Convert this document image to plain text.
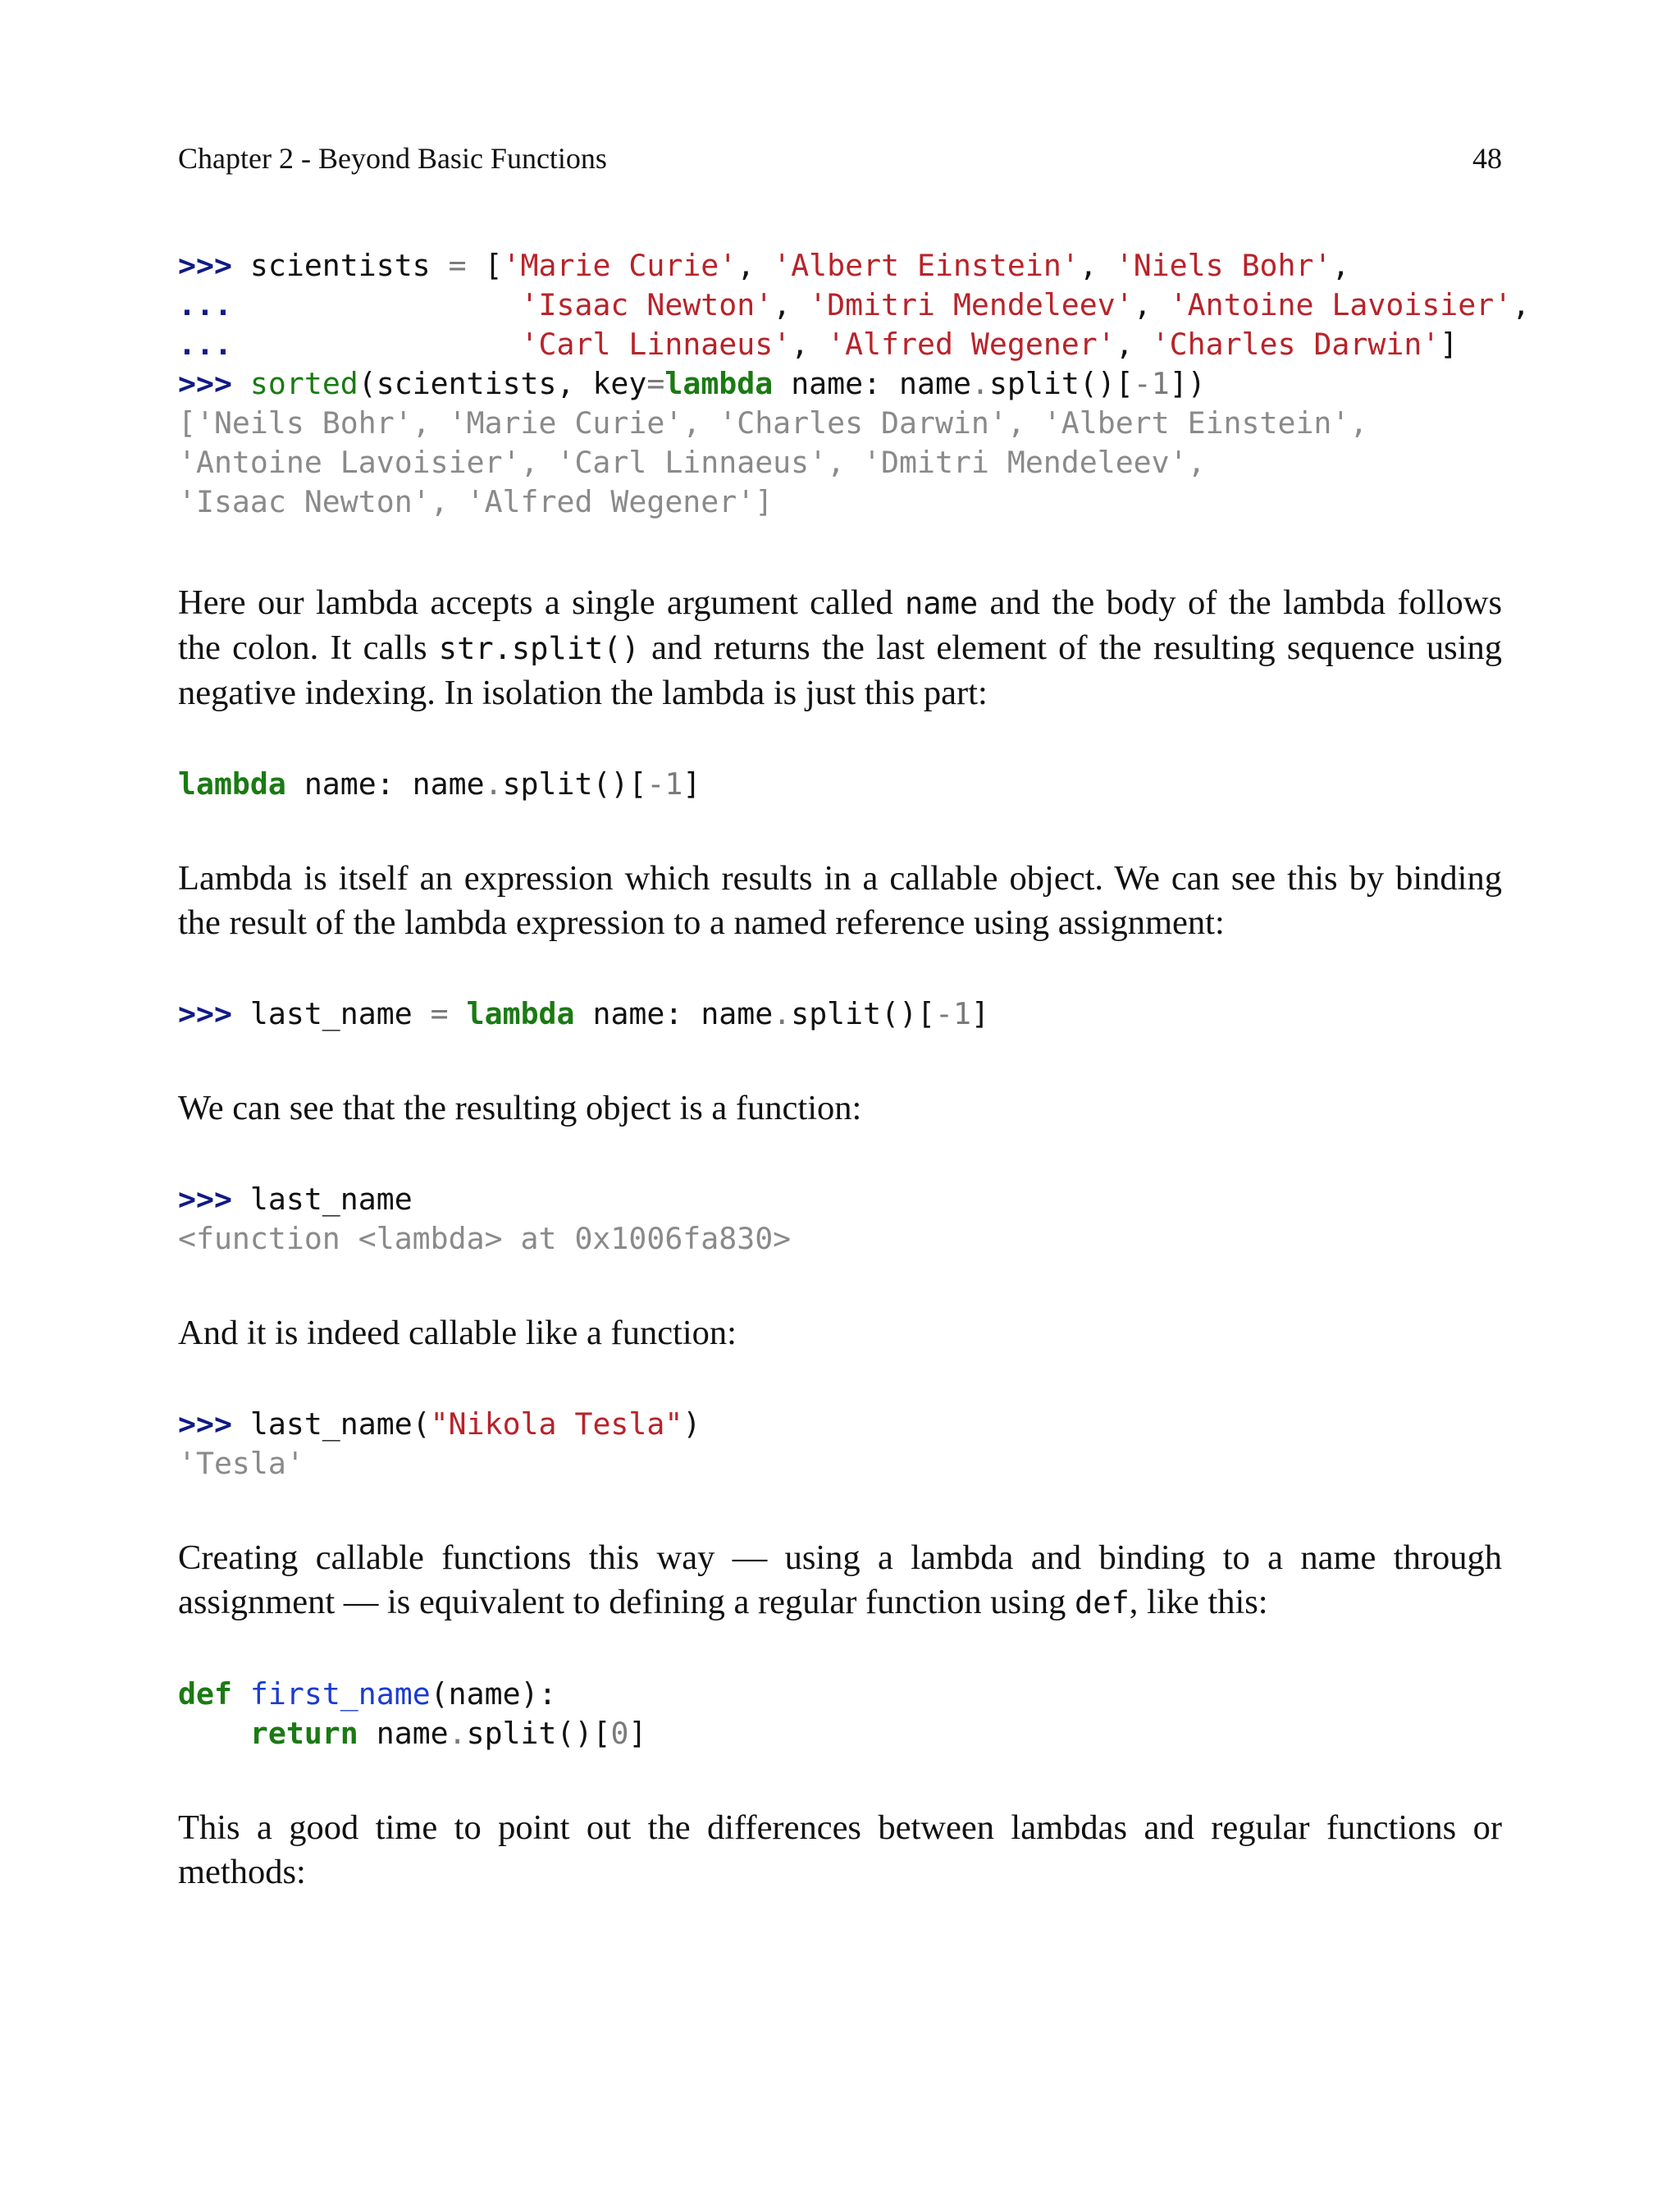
Chapter 2 - Beyond Basic Functions	48
>>> scientists = ['Marie Curie', 'Albert Einstein', 'Niels Bohr',
...	'Isaac Newton', 'Dmitri Mendeleev', 'Antoine Lavoisier',
...	'Carl Linnaeus', 'Alfred Wegener', 'Charles Darwin']
>>> sorted(scientists, key=lambda name: name.split()[-1])
['Neils Bohr', 'Marie Curie', 'Charles Darwin', 'Albert Einstein',
'Antoine Lavoisier', 'Carl Linnaeus', 'Dmitri Mendeleev',
'Isaac Newton', 'Alfred Wegener']

Here our lambda accepts a single argument called name and the body of the lambda follows the colon. It calls str.split() and returns the last element of the resulting sequence using negative indexing. In isolation the lambda is just this part:

lambda name: name.split()[-1]

Lambda is itself an expression which results in a callable object. We can see this by binding the result of the lambda expression to a named reference using assignment:

>>> last_name = lambda name: name.split()[-1]

We can see that the resulting object is a function:

>>> last_name
<function <lambda> at 0x1006fa830>

And it is indeed callable like a function:

>>> last_name("Nikola Tesla")
'Tesla'

Creating callable functions this way — using a lambda and binding to a name through assignment — is equivalent to defining a regular function using def, like this:

def first_name(name):
return name.split()[0]

This a good time to point out the differences between lambdas and regular functions or methods:
